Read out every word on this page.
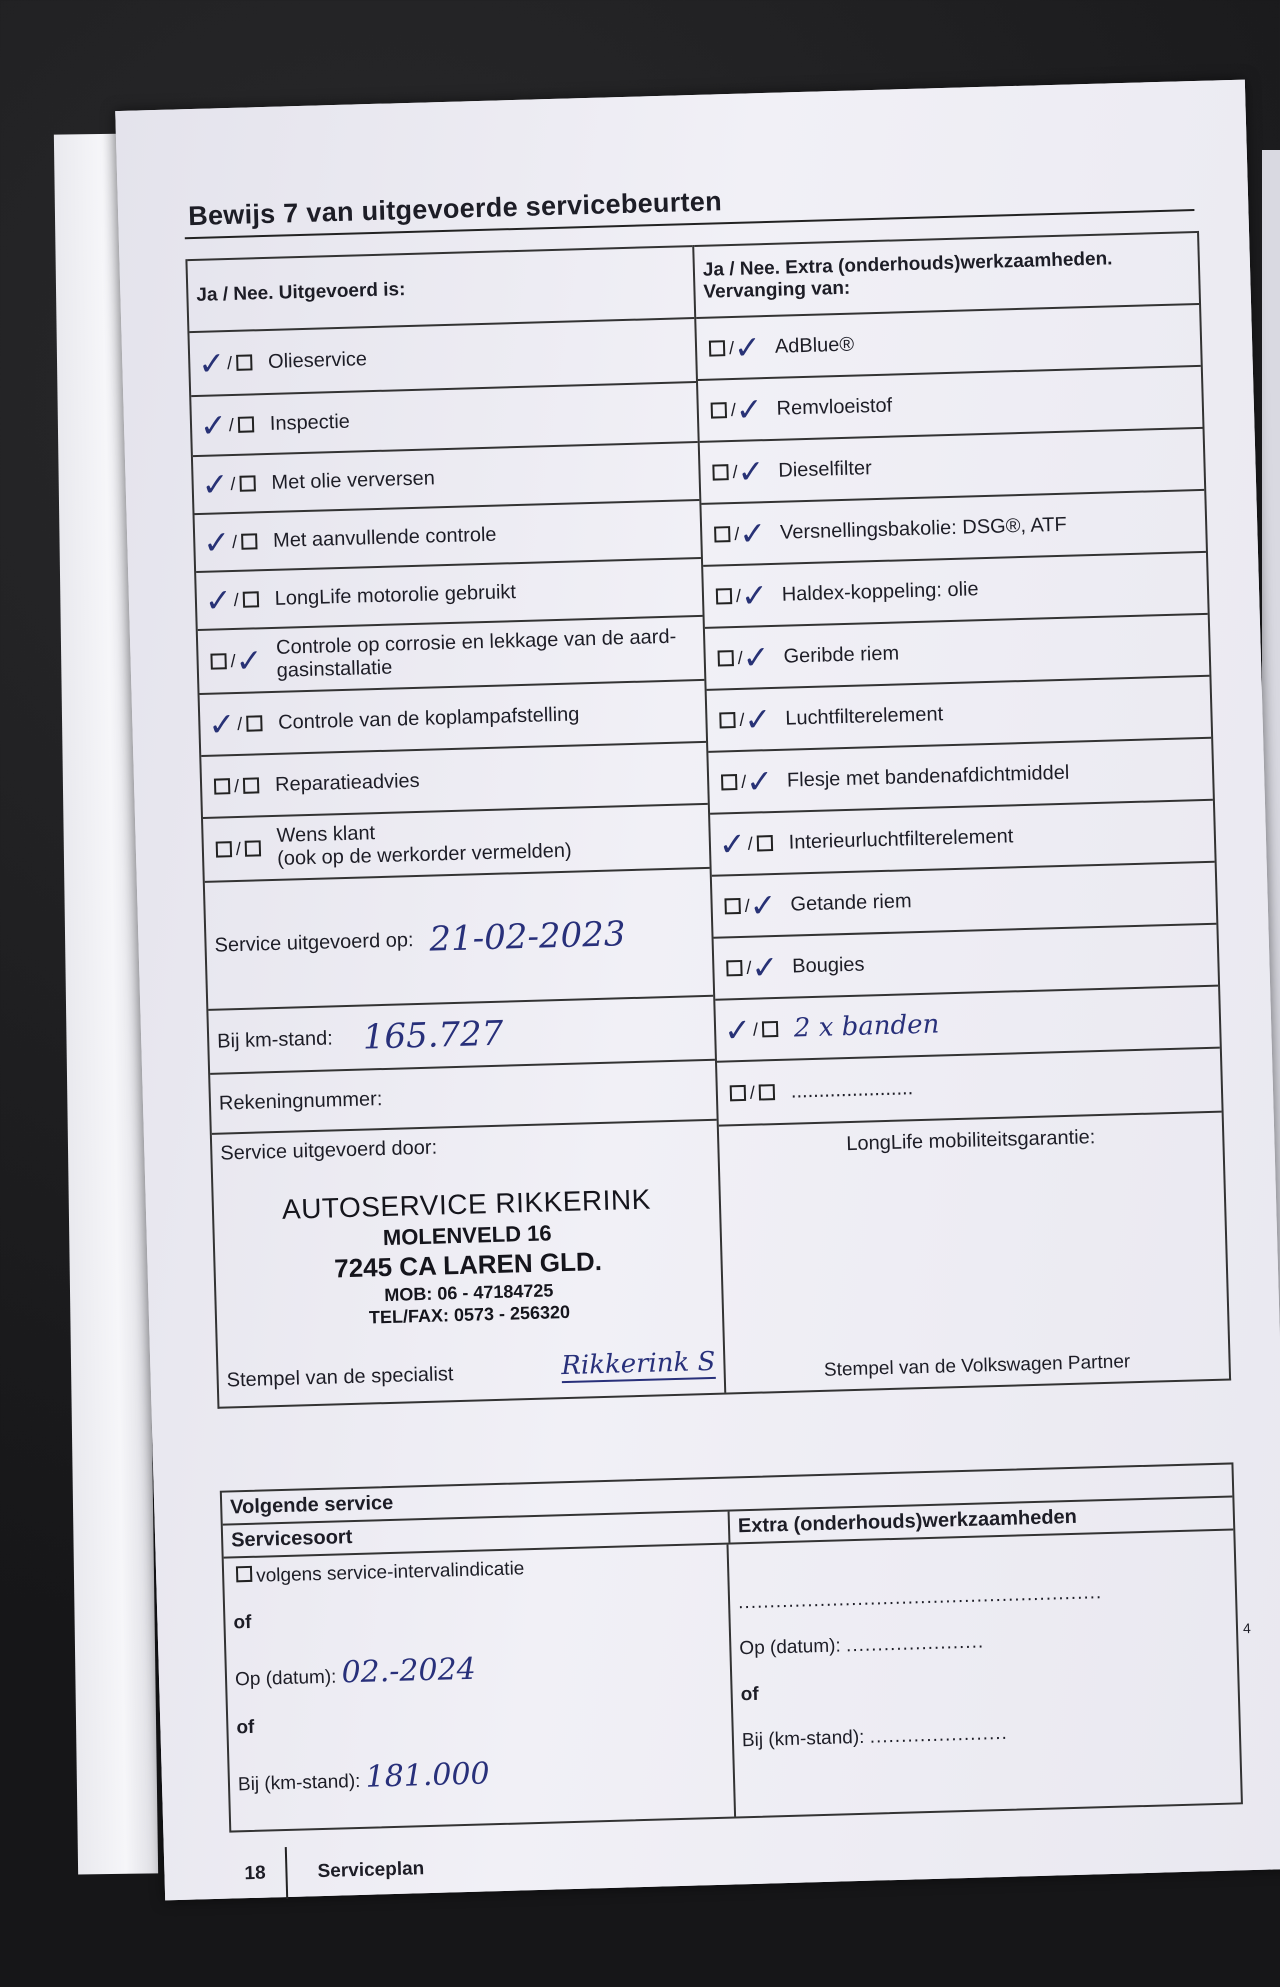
Bewijs 7 van uitgevoerde servicebeurten
Ja / Nee. Uitgevoerd is:
✓ / Olieservice
✓ / Inspectie
✓ / Met olie verversen
✓ / Met aanvullende controle
✓ / LongLife motorolie gebruikt
/ ✓ Controle op corrosie en lekkage van de aard-gasinstallatie
✓ / Controle van de koplampafstelling
/ Reparatieadvies
/
Wens klant
(ook op de werkorder vermelden)
Service uitgevoerd op: 21-02-2023
Bij km-stand: 165.727
Rekeningnummer:
Service uitgevoerd door:
AUTOSERVICE RIKKERINK
MOLENVELD 16
7245 CA LAREN GLD.
MOB: 06 - 47184725
TEL/FAX: 0573 - 256320
Stempel van de specialist	Rikkerink S
Ja / Nee. Extra (onderhouds)werkzaamheden. Vervanging van:
/ ✓ AdBlue®
/ ✓ Remvloeistof
/ ✓ Dieselfilter
/ ✓ Versnellingsbakolie: DSG®, ATF
/ ✓ Haldex-koppeling: olie
/ ✓ Geribde riem
/ ✓ Luchtfilterelement
/ ✓ Flesje met bandenafdichtmiddel
✓ / Interieurluchtfilterelement
/ ✓ Getande riem
/ ✓ Bougies
✓ / 2 x banden
/ ......................
LongLife mobiliteitsgarantie:
Stempel van de Volkswagen Partner
Volgende service
Servicesoort
Extra (onderhouds)werkzaamheden
volgens service-intervalindicatie
of
Op (datum): 02.-2024
of
Bij (km-stand): 181.000
..........................................................
Op (datum): ......................
of
Bij (km-stand): ......................
4
18	Serviceplan
